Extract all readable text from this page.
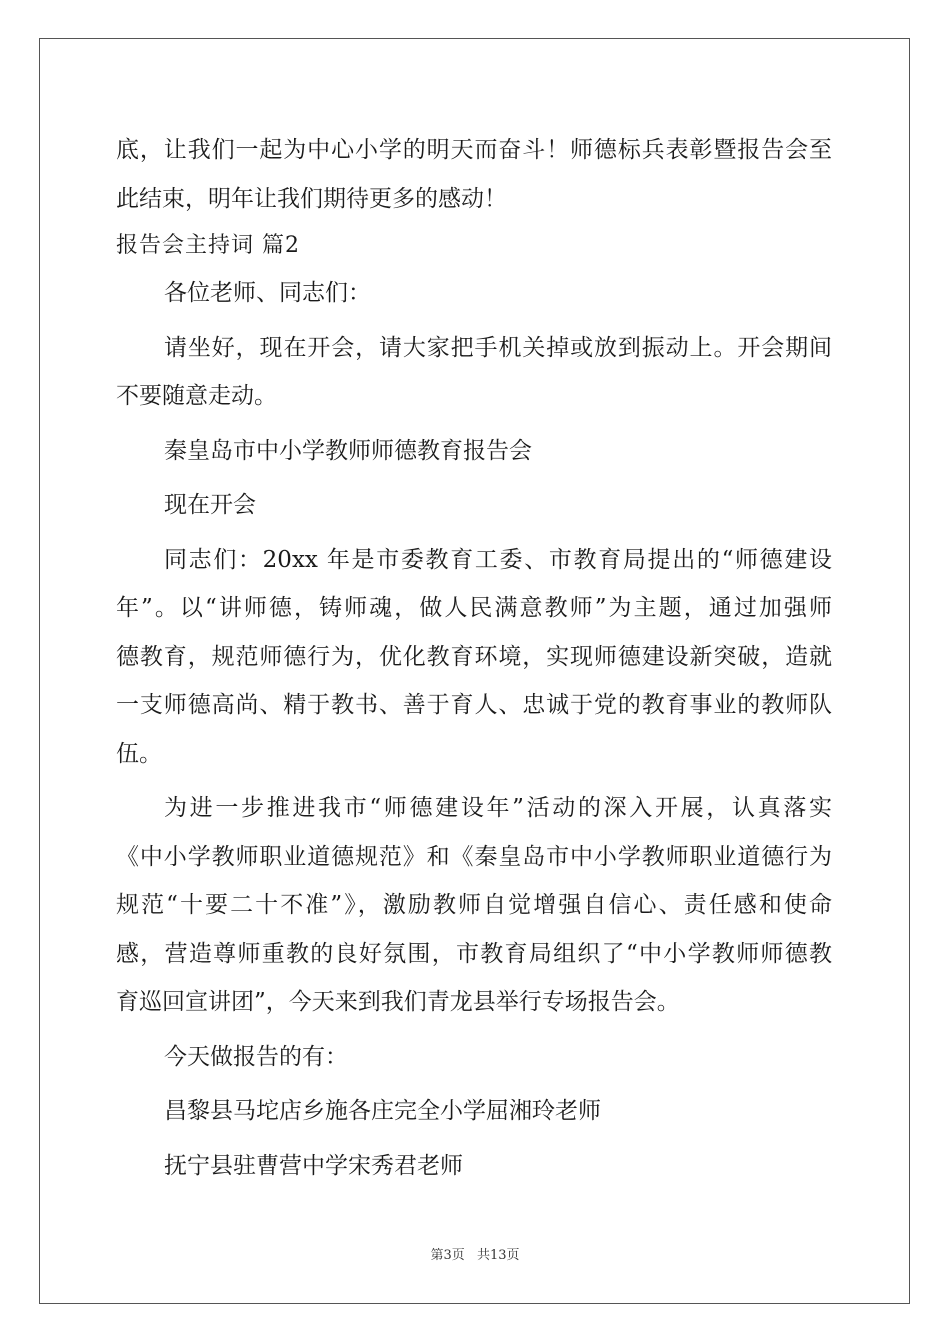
底，让我们一起为中心小学的明天而奋斗！师德标兵表彰暨报告会至
此结束，明年让我们期待更多的感动！
报告会主持词 篇2
各位老师、同志们：
请坐好，现在开会，请大家把手机关掉或放到振动上。开会期间
不要随意走动。
秦皇岛市中小学教师师德教育报告会
现在开会
同志们：20xx 年是市委教育工委、市教育局提出的“师德建设
年”。以“讲师德，铸师魂，做人民满意教师”为主题，通过加强师
德教育，规范师德行为，优化教育环境，实现师德建设新突破，造就
一支师德高尚、精于教书、善于育人、忠诚于党的教育事业的教师队
伍。
为进一步推进我市“师德建设年”活动的深入开展，认真落实
《中小学教师职业道德规范》和《秦皇岛市中小学教师职业道德行为
规范“十要二十不准”》，激励教师自觉增强自信心、责任感和使命
感，营造尊师重教的良好氛围，市教育局组织了“中小学教师师德教
育巡回宣讲团”，今天来到我们青龙县举行专场报告会。
今天做报告的有：
昌黎县马坨店乡施各庄完全小学屈湘玲老师
抚宁县驻曹营中学宋秀君老师
第3页 共13页
